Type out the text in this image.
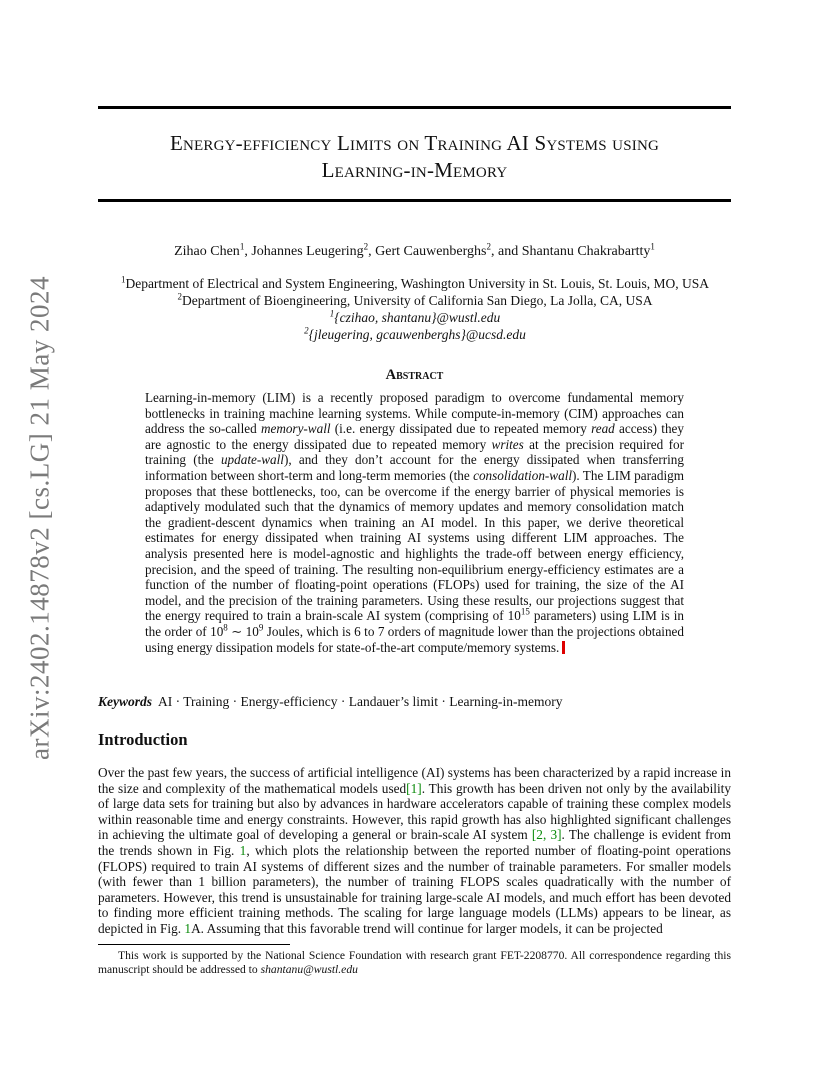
arXiv:2402.14878v2 [cs.LG] 21 May 2024
Energy-efficiency Limits on Training AI Systems using
Learning-in-Memory

Zihao Chen$^1$, Johannes Leugering$^2$, Gert Cauwenberghs$^2$, and Shantanu Chakrabartty$^1$

$^1$Department of Electrical and System Engineering, Washington University in St. Louis, St. Louis, MO, USA
$^2$Department of Bioengineering, University of California San Diego, La Jolla, CA, USA
$^1${czihao, shantanu}@wustl.edu
$^2${jleugering, gcauwenberghs}@ucsd.edu
Abstract

Learning-in-memory (LIM) is a recently proposed paradigm to overcome fundamental memory bottlenecks in training machine learning systems. While compute-in-memory (CIM) approaches can address the so-called memory-wall (i.e. energy dissipated due to repeated memory read access) they are agnostic to the energy dissipated due to repeated memory writes at the precision required for training (the update-wall), and they don’t account for the energy dissipated when transferring information between short-term and long-term memories (the consolidation-wall). The LIM paradigm proposes that these bottlenecks, too, can be overcome if the energy barrier of physical memories is adaptively modulated such that the dynamics of memory updates and memory consolidation match the gradient-descent dynamics when training an AI model. In this paper, we derive theoretical estimates for energy dissipated when training AI systems using different LIM approaches. The analysis presented here is model-agnostic and highlights the trade-off between energy efficiency, precision, and the speed of training. The resulting non-equilibrium energy-efficiency estimates are a function of the number of floating-point operations (FLOPs) used for training, the size of the AI model, and the precision of the training parameters. Using these results, our projections suggest that the energy required to train a brain-scale AI system (comprising of $10^{15}$ parameters) using LIM is in the order of $10^8$ ∼ $10^9$ Joules, which is 6 to 7 orders of magnitude lower than the projections obtained using energy dissipation models for state-of-the-art compute/memory systems.

Keywords AI · Training · Energy-efficiency · Landauer’s limit · Learning-in-memory

Introduction

Over the past few years, the success of artificial intelligence (AI) systems has been characterized by a rapid increase in the size and complexity of the mathematical models used[1]. This growth has been driven not only by the availability of large data sets for training but also by advances in hardware accelerators capable of training these complex models within reasonable time and energy constraints. However, this rapid growth has also highlighted significant challenges in achieving the ultimate goal of developing a general or brain-scale AI system [2, 3]. The challenge is evident from the trends shown in Fig. 1, which plots the relationship between the reported number of floating-point operations (FLOPS) required to train AI systems of different sizes and the number of trainable parameters. For smaller models (with fewer than 1 billion parameters), the number of training FLOPS scales quadratically with the number of parameters. However, this trend is unsustainable for training large-scale AI models, and much effort has been devoted to finding more efficient training methods. The scaling for large language models (LLMs) appears to be linear, as depicted in Fig. 1A. Assuming that this favorable trend will continue for larger models, it can be projected

This work is supported by the National Science Foundation with research grant FET-2208770. All correspondence regarding this manuscript should be addressed to shantanu@wustl.edu
